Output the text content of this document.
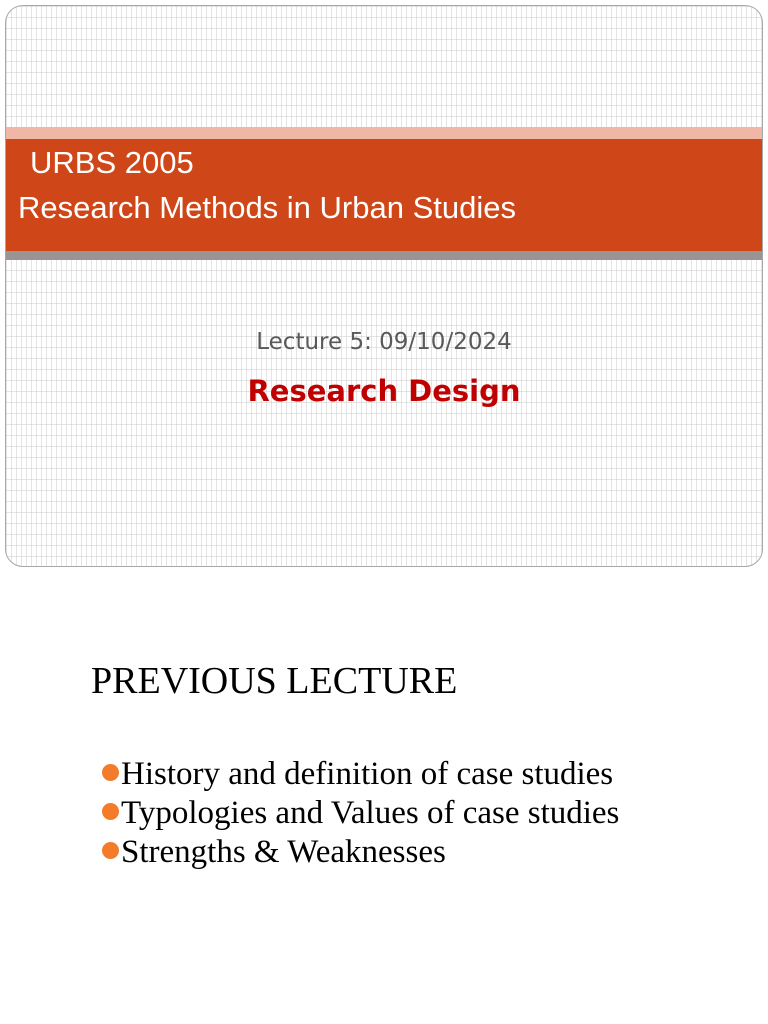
URBS 2005
Research Methods in Urban Studies
Lecture 5: 09/10/2024
Research Design
PREVIOUS LECTURE
History and definition of case studies
Typologies and Values of case studies
Strengths & Weaknesses
